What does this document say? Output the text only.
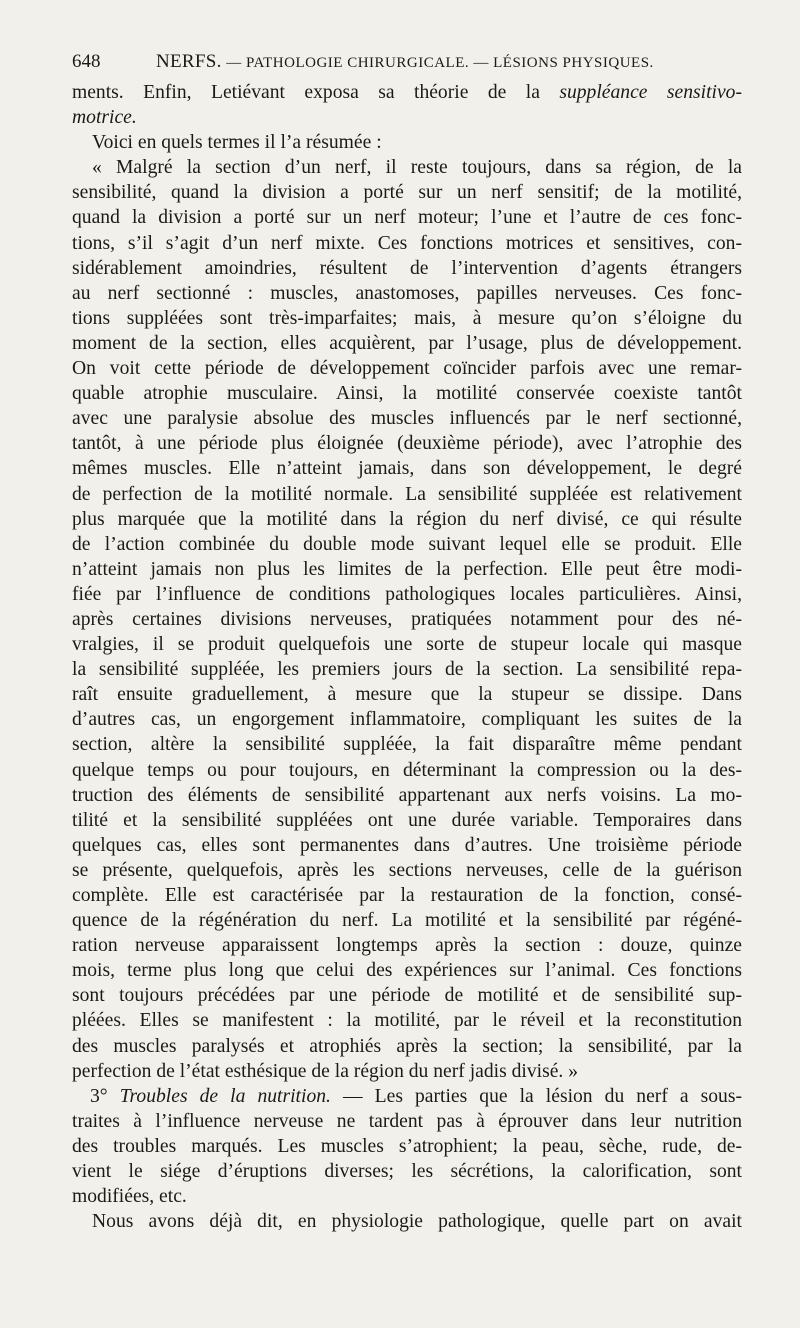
648	NERFS. — PATHOLOGIE CHIRURGICALE. — LÉSIONS PHYSIQUES.
ments. Enfin, Letiévant exposa sa théorie de la suppléance sensitivo-
motrice.
Voici en quels termes il l’a résumée :
« Malgré la section d’un nerf, il reste toujours, dans sa région, de la
sensibilité, quand la division a porté sur un nerf sensitif; de la motilité,
quand la division a porté sur un nerf moteur; l’une et l’autre de ces fonc-
tions, s’il s’agit d’un nerf mixte. Ces fonctions motrices et sensitives, con-
sidérablement amoindries, résultent de l’intervention d’agents étrangers
au nerf sectionné : muscles, anastomoses, papilles nerveuses. Ces fonc-
tions suppléées sont très-imparfaites; mais, à mesure qu’on s’éloigne du
moment de la section, elles acquièrent, par l’usage, plus de développement.
On voit cette période de développement coïncider parfois avec une remar-
quable atrophie musculaire. Ainsi, la motilité conservée coexiste tantôt
avec une paralysie absolue des muscles influencés par le nerf sectionné,
tantôt, à une période plus éloignée (deuxième période), avec l’atrophie des
mêmes muscles. Elle n’atteint jamais, dans son développement, le degré
de perfection de la motilité normale. La sensibilité suppléée est relativement
plus marquée que la motilité dans la région du nerf divisé, ce qui résulte
de l’action combinée du double mode suivant lequel elle se produit. Elle
n’atteint jamais non plus les limites de la perfection. Elle peut être modi-
fiée par l’influence de conditions pathologiques locales particulières. Ainsi,
après certaines divisions nerveuses, pratiquées notamment pour des né-
vralgies, il se produit quelquefois une sorte de stupeur locale qui masque
la sensibilité suppléée, les premiers jours de la section. La sensibilité repa-
raît ensuite graduellement, à mesure que la stupeur se dissipe. Dans
d’autres cas, un engorgement inflammatoire, compliquant les suites de la
section, altère la sensibilité suppléée, la fait disparaître même pendant
quelque temps ou pour toujours, en déterminant la compression ou la des-
truction des éléments de sensibilité appartenant aux nerfs voisins. La mo-
tilité et la sensibilité suppléées ont une durée variable. Temporaires dans
quelques cas, elles sont permanentes dans d’autres. Une troisième période
se présente, quelquefois, après les sections nerveuses, celle de la guérison
complète. Elle est caractérisée par la restauration de la fonction, consé-
quence de la régénération du nerf. La motilité et la sensibilité par régéné-
ration nerveuse apparaissent longtemps après la section : douze, quinze
mois, terme plus long que celui des expériences sur l’animal. Ces fonctions
sont toujours précédées par une période de motilité et de sensibilité sup-
pléées. Elles se manifestent : la motilité, par le réveil et la reconstitution
des muscles paralysés et atrophiés après la section; la sensibilité, par la
perfection de l’état esthésique de la région du nerf jadis divisé. »
3° Troubles de la nutrition. — Les parties que la lésion du nerf a sous-
traites à l’influence nerveuse ne tardent pas à éprouver dans leur nutrition
des troubles marqués. Les muscles s’atrophient; la peau, sèche, rude, de-
vient le siége d’éruptions diverses; les sécrétions, la calorification, sont
modifiées, etc.
Nous avons déjà dit, en physiologie pathologique, quelle part on avait
